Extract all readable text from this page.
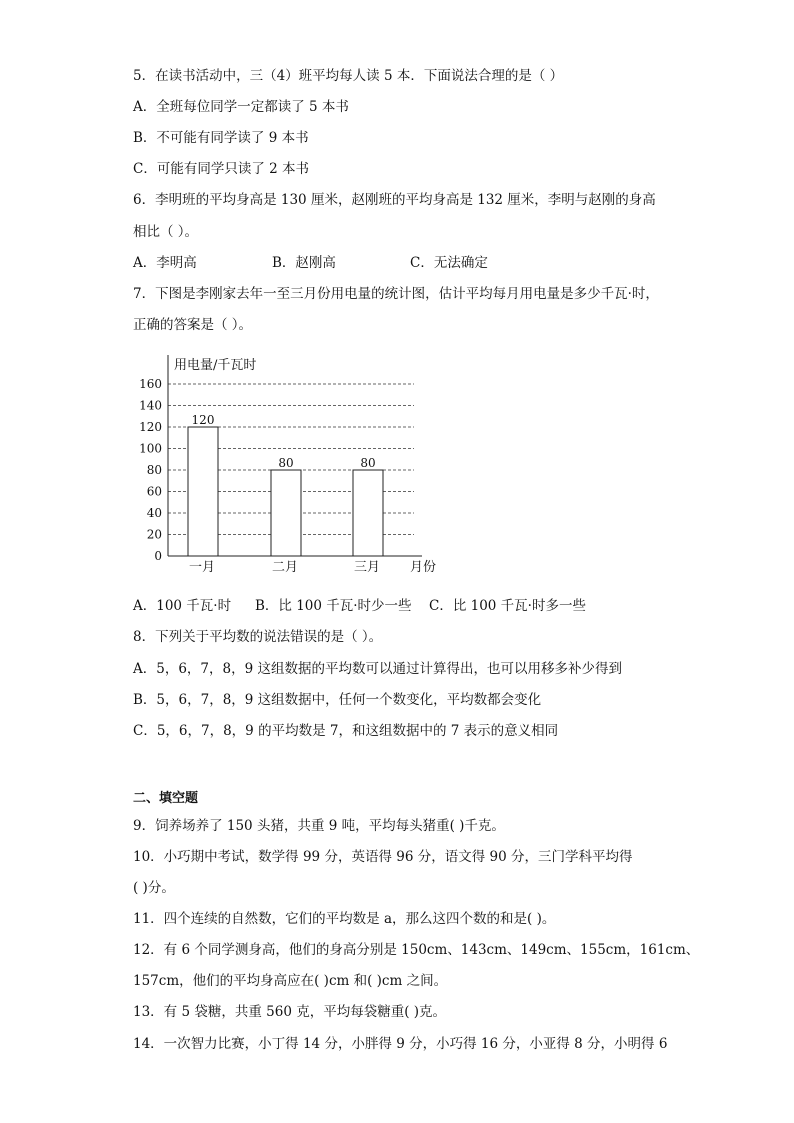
5．在读书活动中，三（4）班平均每人读 5 本．下面说法合理的是（ ）
A．全班每位同学一定都读了 5 本书
B．不可能有同学读了 9 本书
C．可能有同学只读了 2 本书
6．李明班的平均身高是 130 厘米，赵刚班的平均身高是 132 厘米，李明与赵刚的身高
相比（ ）。
A．李明高	B．赵刚高	C．无法确定
7．下图是李刚家去年一至三月份用电量的统计图，估计平均每月用电量是多少千瓦·时，
正确的答案是（ ）。
0
20
40
60
80
100
120
140
160
120
一月
80
二月
80
三月
用电量/千瓦时
月份
A．100 千瓦·时 B．比 100 千瓦·时少一些 C．比 100 千瓦·时多一些
8．下列关于平均数的说法错误的是（ ）。
A．5，6，7，8，9 这组数据的平均数可以通过计算得出，也可以用移多补少得到
B．5，6，7，8，9 这组数据中，任何一个数变化，平均数都会变化
C．5，6，7，8，9 的平均数是 7，和这组数据中的 7 表示的意义相同
二、填空题
9．饲养场养了 150 头猪，共重 9 吨，平均每头猪重( )千克。
10．小巧期中考试，数学得 99 分，英语得 96 分，语文得 90 分，三门学科平均得
( )分。
11．四个连续的自然数，它们的平均数是 a，那么这四个数的和是( )。
12．有 6 个同学测身高，他们的身高分别是 150cm、143cm、149cm、155cm，161cm、
157cm，他们的平均身高应在( )cm 和( )cm 之间。
13．有 5 袋糖，共重 560 克，平均每袋糖重( )克。
14．一次智力比赛，小丁得 14 分，小胖得 9 分，小巧得 16 分，小亚得 8 分，小明得 6
